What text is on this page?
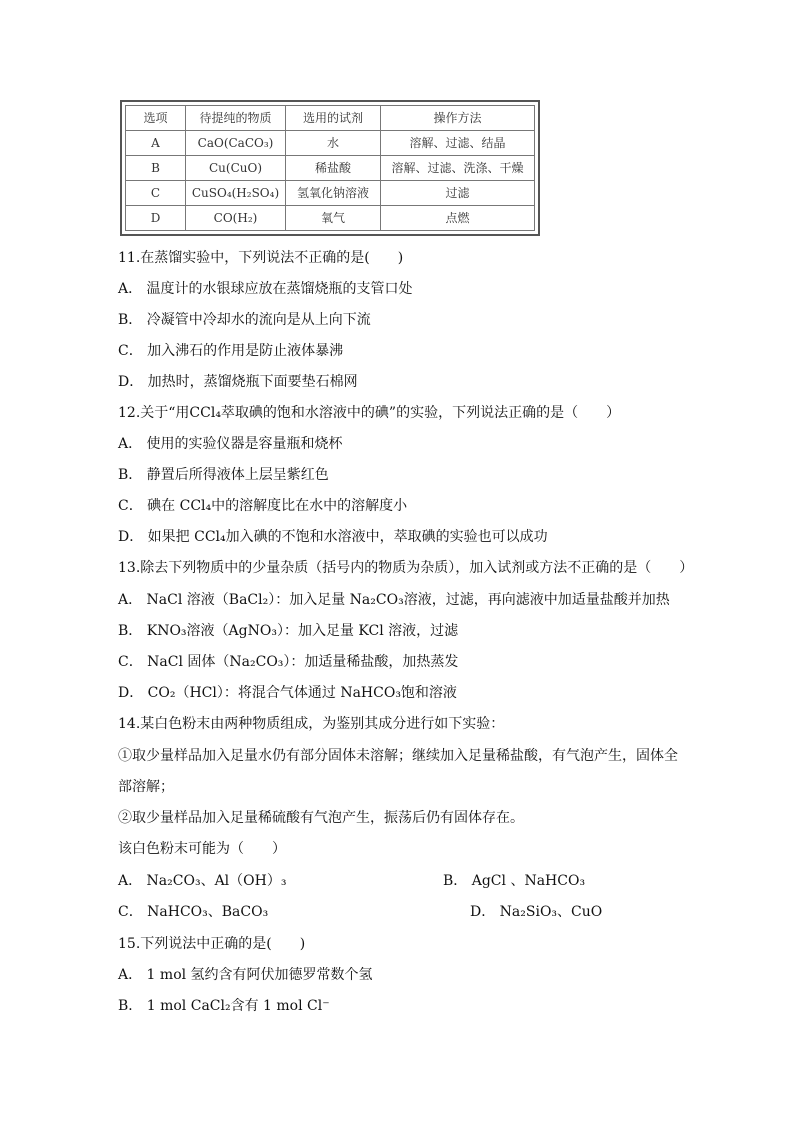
选项	待提纯的物质	选用的试剂	操作方法
A	CaO(CaCO₃)	水	溶解、过滤、结晶
B	Cu(CuO)	稀盐酸	溶解、过滤、洗涤、干燥
C	CuSO₄(H₂SO₄)	氢氧化钠溶液	过滤
D	CO(H₂)	氧气	点燃
11.在蒸馏实验中，下列说法不正确的是(　　)
A． 温度计的水银球应放在蒸馏烧瓶的支管口处
B． 冷凝管中冷却水的流向是从上向下流
C． 加入沸石的作用是防止液体暴沸
D． 加热时，蒸馏烧瓶下面要垫石棉网
12.关于“用CCl₄萃取碘的饱和水溶液中的碘”的实验，下列说法正确的是（　　）
A． 使用的实验仪器是容量瓶和烧杯
B． 静置后所得液体上层呈紫红色
C． 碘在 CCl₄中的溶解度比在水中的溶解度小
D． 如果把 CCl₄加入碘的不饱和水溶液中，萃取碘的实验也可以成功
13.除去下列物质中的少量杂质（括号内的物质为杂质），加入试剂或方法不正确的是（　　）
A． NaCl 溶液（BaCl₂）：加入足量 Na₂CO₃溶液，过滤，再向滤液中加适量盐酸并加热
B． KNO₃溶液（AgNO₃）：加入足量 KCl 溶液，过滤
C． NaCl 固体（Na₂CO₃）：加适量稀盐酸，加热蒸发
D． CO₂（HCl）：将混合气体通过 NaHCO₃饱和溶液
14.某白色粉末由两种物质组成，为鉴别其成分进行如下实验：
①取少量样品加入足量水仍有部分固体未溶解；继续加入足量稀盐酸，有气泡产生，固体全
部溶解；
②取少量样品加入足量稀硫酸有气泡产生，振荡后仍有固体存在。
该白色粉末可能为（　　）
A． Na₂CO₃、Al（OH）₃	B． AgCl 、NaHCO₃
C． NaHCO₃、BaCO₃	D． Na₂SiO₃、CuO
15.下列说法中正确的是(　　)
A． 1 mol 氢约含有阿伏加德罗常数个氢
B． 1 mol CaCl₂含有 1 mol Cl⁻
